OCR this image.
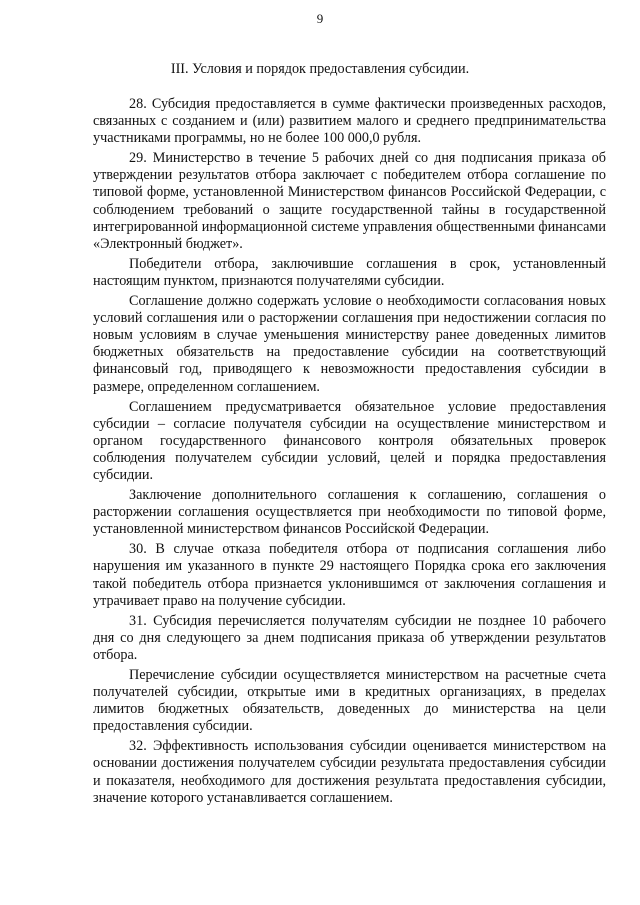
9
III. Условия и порядок предоставления субсидии.

28. Субсидия предоставляется в сумме фактически произведенных расходов, связанных с созданием и (или) развитием малого и среднего предпринимательства участниками программы, но не более 100 000,0 рубля.

29. Министерство в течение 5 рабочих дней со дня подписания приказа об утверждении результатов отбора заключает с победителем отбора соглашение по типовой форме, установленной Министерством финансов Российской Федерации, с соблюдением требований о защите государственной тайны в государственной интегрированной информационной системе управления общественными финансами «Электронный бюджет».

Победители отбора, заключившие соглашения в срок, установленный настоящим пунктом, признаются получателями субсидии.

Соглашение должно содержать условие о необходимости согласования новых условий соглашения или о расторжении соглашения при недостижении согласия по новым условиям в случае уменьшения министерству ранее доведенных лимитов бюджетных обязательств на предоставление субсидии на соответствующий финансовый год, приводящего к невозможности предоставления субсидии в размере, определенном соглашением.

Соглашением предусматривается обязательное условие предоставления субсидии – согласие получателя субсидии на осуществление министерством и органом государственного финансового контроля обязательных проверок соблюдения получателем субсидии условий, целей и порядка предоставления субсидии.

Заключение дополнительного соглашения к соглашению, соглашения о расторжении соглашения осуществляется при необходимости по типовой форме, установленной министерством финансов Российской Федерации.

30. В случае отказа победителя отбора от подписания соглашения либо нарушения им указанного в пункте 29 настоящего Порядка срока его заключения такой победитель отбора признается уклонившимся от заключения соглашения и утрачивает право на получение субсидии.

31. Субсидия перечисляется получателям субсидии не позднее 10 рабочего дня со дня следующего за днем подписания приказа об утверждении результатов отбора.

Перечисление субсидии осуществляется министерством на расчетные счета получателей субсидии, открытые ими в кредитных организациях, в пределах лимитов бюджетных обязательств, доведенных до министерства на цели предоставления субсидии.

32. Эффективность использования субсидии оценивается министерством на основании достижения получателем субсидии результата предоставления субсидии и показателя, необходимого для достижения результата предоставления субсидии, значение которого устанавливается соглашением.
